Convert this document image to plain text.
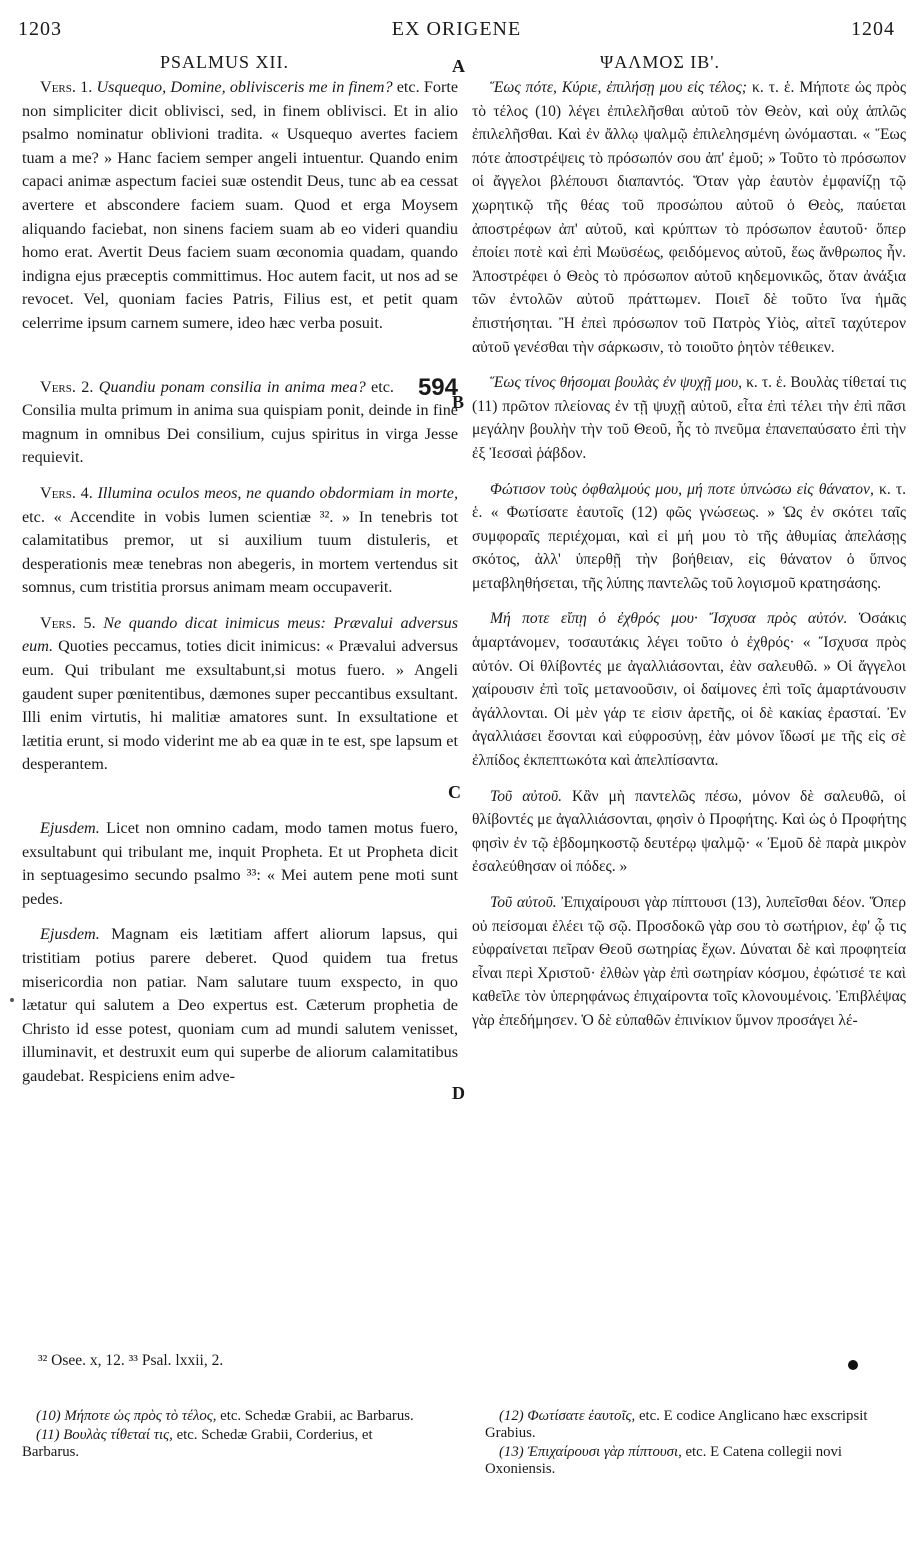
1203	EX ORIGENE	1204
PSALMUS XII.	A	ΨΑΛΜΟΣ ΙΒ'.
B
C
D

Vers. 1. Usquequo, Domine, oblivisceris me in finem? etc. Forte non simpliciter dicit oblivisci, sed, in finem oblivisci. Et in alio psalmo nominatur oblivioni tradita. « Usquequo avertes faciem tuam a me? » Hanc faciem semper angeli intuentur. Quando enim capaci animæ aspectum faciei suæ ostendit Deus, tunc ab ea cessat avertere et abscondere faciem suam. Quod et erga Moysem aliquando faciebat, non sinens faciem suam ab eo videri quandiu homo erat. Avertit Deus faciem suam œconomia quadam, quando indigna ejus præceptis committimus. Hoc autem facit, ut nos ad se revocet. Vel, quoniam facies Patris, Filius est, et petit quam celerrime ipsum carnem sumere, ideo hæc verba posuit.

Vers. 2. Quandiu ponam consilia in anima mea?	594
etc. Consilia multa primum in anima sua quispiam ponit, deinde in fine magnum in omnibus Dei consilium, cujus spiritus in virga Jesse requievit.

Vers. 4. Illumina oculos meos, ne quando obdormiam in morte, etc. « Accendite in vobis lumen scientiæ ³². » In tenebris tot calamitatibus premor, ut si auxilium tuum distuleris, et desperationis meæ tenebras non abegeris, in mortem vertendus sit somnus, cum tristitia prorsus animam meam occupaverit.

Vers. 5. Ne quando dicat inimicus meus: Prævalui adversus eum. Quoties peccamus, toties dicit inimicus: « Prævalui adversus eum. Qui tribulant me exsultabunt,si motus fuero. » Angeli gaudent super pœnitentibus, dæmones super peccantibus exsultant. Illi enim virtutis, hi malitiæ amatores sunt. In exsultatione et lætitia erunt, si modo viderint me ab ea quæ in te est, spe lapsum et desperantem.

Ejusdem. Licet non omnino cadam, modo tamen motus fuero, exsultabunt qui tribulant me, inquit Propheta. Et ut Propheta dicit in septuagesimo secundo psalmo ³³: « Mei autem pene moti sunt pedes.

Ejusdem. Magnam eis lætitiam affert aliorum lapsus, qui tristitiam potius parere deberet. Quod quidem tua fretus misericordia non patiar. Nam salutare tuum exspecto, in quo lætatur qui salutem a Deo expertus est. Cæterum prophetia de Christo id esse potest, quoniam cum ad mundi salutem venisset, illuminavit, et destruxit eum qui superbe de aliorum calamitatibus gaudebat. Respiciens enim adve-

Ἕως πότε, Κύριε, ἐπιλήσῃ μου εἰς τέλος; κ. τ. ἑ. Μήποτε ὡς πρὸς τὸ τέλος (10) λέγει ἐπιλελῆσθαι αὐτοῦ τὸν Θεὸν, καὶ οὐχ ἁπλῶς ἐπιλελῆσθαι. Καὶ ἐν ἄλλῳ ψαλμῷ ἐπιλελησμένη ὠνόμασται. « Ἕως πότε ἀποστρέψεις τὸ πρόσωπόν σου ἀπ' ἐμοῦ; » Τοῦτο τὸ πρόσωπον οἱ ἄγγελοι βλέπουσι διαπαντός. Ὅταν γὰρ ἑαυτὸν ἐμφανίζῃ τῷ χωρητικῷ τῆς θέας τοῦ προσώπου αὐτοῦ ὁ Θεὸς, παύεται ἀποστρέφων ἀπ' αὐτοῦ, καὶ κρύπτων τὸ πρόσωπον ἑαυτοῦ· ὅπερ ἐποίει ποτὲ καὶ ἐπὶ Μωϋσέως, φειδόμενος αὐτοῦ, ἕως ἄνθρωπος ἦν. Ἀποστρέφει ὁ Θεὸς τὸ πρόσωπον αὐτοῦ κηδεμονικῶς, ὅταν ἀνάξια τῶν ἐντολῶν αὐτοῦ πράττωμεν. Ποιεῖ δὲ τοῦτο ἵνα ἡμᾶς ἐπιστήσηται. Ἢ ἐπεὶ πρόσωπον τοῦ Πατρὸς Υἱὸς, αἰτεῖ ταχύτερον αὐτοῦ γενέσθαι τὴν σάρκωσιν, τὸ τοιοῦτο ῥητὸν τέθεικεν.

Ἕως τίνος θήσομαι βουλὰς ἐν ψυχῇ μου, κ. τ. ἑ. Βουλὰς τίθεταί τις (11) πρῶτον πλείονας ἐν τῇ ψυχῇ αὐτοῦ, εἶτα ἐπὶ τέλει τὴν ἐπὶ πᾶσι μεγάλην βουλὴν τὴν τοῦ Θεοῦ, ἧς τὸ πνεῦμα ἐπανεπαύσατο ἐπὶ τὴν ἐξ Ἰεσσαὶ ῥάβδον.

Φώτισον τοὺς ὀφθαλμούς μου, μή ποτε ὑπνώσω εἰς θάνατον, κ. τ. ἑ. « Φωτίσατε ἑαυτοῖς (12) φῶς γνώσεως. » Ὡς ἐν σκότει ταῖς συμφοραῖς περιέχομαι, καὶ εἰ μή μου τὸ τῆς ἀθυμίας ἀπελάσῃς σκότος, ἀλλ' ὑπερθῇ τὴν βοήθειαν, εἰς θάνατον ὁ ὕπνος μεταβληθήσεται, τῆς λύπης παντελῶς τοῦ λογισμοῦ κρατησάσης.

Μή ποτε εἴπῃ ὁ ἐχθρός μου· Ἴσχυσα πρὸς αὐτόν. Ὁσάκις ἁμαρτάνομεν, τοσαυτάκις λέγει τοῦτο ὁ ἐχθρός· « Ἴσχυσα πρὸς αὐτόν. Οἱ θλίβοντές με ἀγαλλιάσονται, ἐὰν σαλευθῶ. » Οἱ ἄγγελοι χαίρουσιν ἐπὶ τοῖς μετανοοῦσιν, οἱ δαίμονες ἐπὶ τοῖς ἁμαρτάνουσιν ἀγάλλονται. Οἱ μὲν γάρ τε εἰσιν ἀρετῆς, οἱ δὲ κακίας ἐρασταί. Ἐν ἀγαλλιάσει ἔσονται καὶ εὐφροσύνῃ, ἐὰν μόνον ἴδωσί με τῆς εἰς σὲ ἐλπίδος ἐκπεπτωκότα καὶ ἀπελπίσαντα.

Τοῦ αὐτοῦ. Κἂν μὴ παντελῶς πέσω, μόνον δὲ σαλευθῶ, οἱ θλίβοντές με ἀγαλλιάσονται, φησὶν ὁ Προφήτης. Καὶ ὡς ὁ Προφήτης φησὶν ἐν τῷ ἑβδομηκοστῷ δευτέρῳ ψαλμῷ· « Ἐμοῦ δὲ παρὰ μικρὸν ἐσαλεύθησαν οἱ πόδες. »

Τοῦ αὐτοῦ. Ἐπιχαίρουσι γὰρ πίπτουσι (13), λυπεῖσθαι δέον. Ὅπερ οὐ πείσομαι ἐλέει τῷ σῷ. Προσδοκῶ γὰρ σου τὸ σωτήριον, ἐφ' ᾧ τις εὐφραίνεται πεῖραν Θεοῦ σωτηρίας ἔχων. Δύναται δὲ καὶ προφητεία εἶναι περὶ Χριστοῦ· ἐλθὼν γὰρ ἐπὶ σωτηρίαν κόσμου, ἐφώτισέ τε καὶ καθεῖλε τὸν ὑπερηφάνως ἐπιχαίροντα τοῖς κλονουμένοις. Ἐπιβλέψας γὰρ ἐπεδήμησεν. Ὁ δὲ εὐπαθῶν ἐπινίκιον ὕμνον προσάγει λέ-

³² Osee. x, 12. ³³ Psal. lxxii, 2.

(10) Μήποτε ὡς πρὸς τὸ τέλος, etc. Schedæ Grabii, ac Barbarus.

(11) Βουλὰς τίθεταί τις, etc. Schedæ Grabii, Corderius, et Barbarus.

(12) Φωτίσατε ἑαυτοῖς, etc. E codice Anglicano hæc exscripsit Grabius.

(13) Ἐπιχαίρουσι γὰρ πίπτουσι, etc. E Catena collegii novi Oxoniensis.
